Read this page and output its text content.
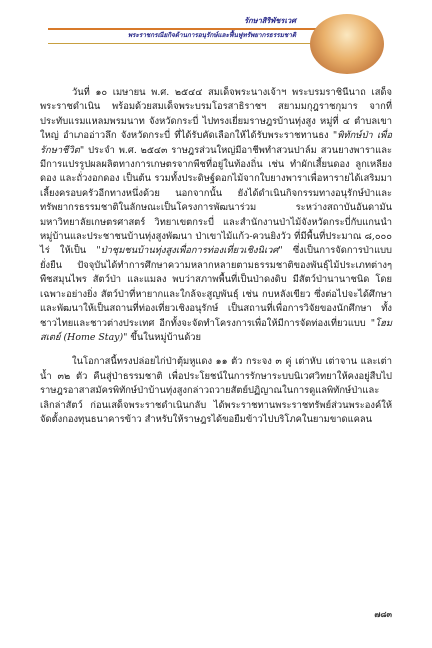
รักษาสิริพัชรเวศ
พระราชกรณียกิจด้านการอนุรักษ์และฟื้นฟูทรัพยากรธรรมชาติ

วันที่ ๑๐ เมษายน พ.ศ. ๒๕๔๔ สมเด็จพระนางเจ้าฯ พระบรมราชินีนาถ เสด็จพระราชดำเนิน พร้อมด้วยสมเด็จพระบรมโอรสาธิราชฯ สยามมกุฎราชกุมาร จากที่ประทับแรมแหลมพรมนาท จังหวัดกระบี่ ไปทรงเยี่ยมราษฎรบ้านทุ่งสูง หมู่ที่ ๔ ตำบลเขาใหญ่ อำเภออ่าวลึก จังหวัดกระบี่ ที่ได้รับคัดเลือกให้ได้รับพระราชทานธง "พิทักษ์ป่า เพื่อรักษาชีวิต" ประจำ พ.ศ. ๒๕๔๓ ราษฎรส่วนใหญ่มีอาชีพทำสวนปาล์ม สวนยางพาราและมีการแปรรูปผลผลิตทางการเกษตรจากพืชที่อยู่ในท้องถิ่น เช่น ทำผักเสี้ยนดอง ลูกเหลียงดอง และถั่วงอกดอง เป็นต้น รวมทั้งประดิษฐ์ดอกไม้จากใบยางพาราเพื่อหารายได้เสริมมาเลี้ยงครอบครัวอีกทางหนึ่งด้วย นอกจากนั้น ยังได้ดำเนินกิจกรรมทางอนุรักษ์ป่าและทรัพยากรธรรมชาติในลักษณะเป็นโครงการพัฒนาร่วม ระหว่างสถาบันอันดามัน มหาวิทยาลัยเกษตรศาสตร์ วิทยาเขตกระบี่ และสำนักงานป่าไม้จังหวัดกระบี่กับแกนนำหมู่บ้านและประชาชนบ้านทุ่งสูงพัฒนา ป่าเขาไม้แก้ว-ควนยิงวัว ที่มีพื้นที่ประมาณ ๘,๐๐๐ ไร่ ให้เป็น "ป่าชุมชนบ้านทุ่งสูงเพื่อการท่องเที่ยวเชิงนิเวศ" ซึ่งเป็นการจัดการป่าแบบยั่งยืน ปัจจุบันได้ทำการศึกษาความหลากหลายตามธรรมชาติของพันธุ์ไม้ประเภทต่างๆ พืชสมุนไพร สัตว์ป่า และแมลง พบว่าสภาพพื้นที่เป็นป่าดงดิบ มีสัตว์ป่านานาชนิด โดยเฉพาะอย่างยิ่ง สัตว์ป่าที่หายากและใกล้จะสูญพันธุ์ เช่น กบหลังเขียว ซึ่งต่อไปจะได้ศึกษาและพัฒนาให้เป็นสถานที่ท่องเที่ยวเชิงอนุรักษ์ เป็นสถานที่เพื่อการวิจัยของนักศึกษา ทั้งชาวไทยและชาวต่างประเทศ อีกทั้งจะจัดทำโครงการเพื่อให้มีการจัดท่องเที่ยวแบบ "โฮมสเตย์ (Home Stay)" ขึ้นในหมู่บ้านด้วย

ในโอกาสนี้ทรงปล่อยไก่ป่าตุ้มหูแดง ๑๑ ตัว กระจง ๓ คู่ เต่าหับ เต่าจาน และเต่าน้ำ ๓๒ ตัว คืนสู่ป่าธรรมชาติ เพื่อประโยชน์ในการรักษาระบบนิเวศวิทยาให้คงอยู่สืบไป ราษฎรอาสาสมัครพิทักษ์ป่าบ้านทุ่งสูงกล่าวถวายสัตย์ปฏิญาณในการดูแลพิทักษ์ป่าและเลิกล่าสัตว์ ก่อนเสด็จพระราชดำเนินกลับ ได้พระราชทานพระราชทรัพย์ส่วนพระองค์ให้จัดตั้งกองทุนธนาคารข้าว สำหรับให้ราษฎรได้ขอยืมข้าวไปบริโภคในยามขาดแคลน

๗๘๓
